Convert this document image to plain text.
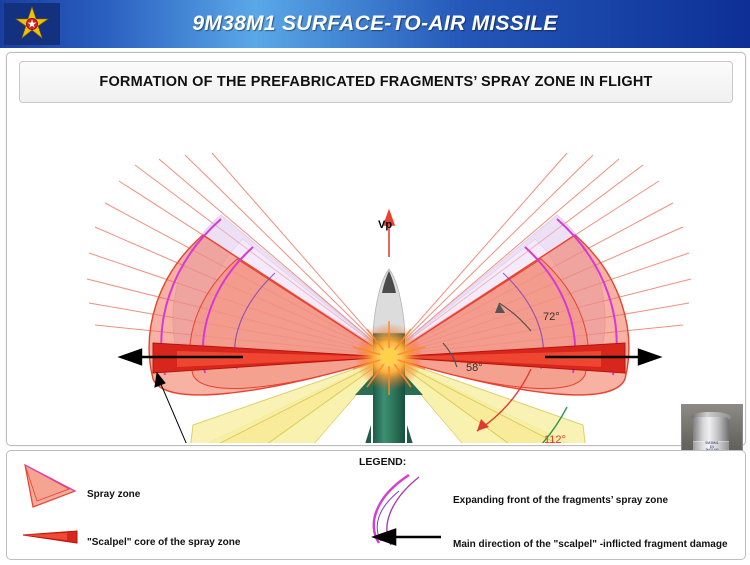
9M38M1 SURFACE-TO-AIR MISSILE
FORMATION OF THE PREFABRICATED FRAGMENTS’ SPRAY ZONE IN FLIGHT
Vp
72°
58°
112°	9М38М1
БЧ

LEGEND:
Spray zone
"Scalpel" core of the spray zone
Expanding front of the fragments’ spray zone
Main direction of the "scalpel" -inflicted fragment damage
